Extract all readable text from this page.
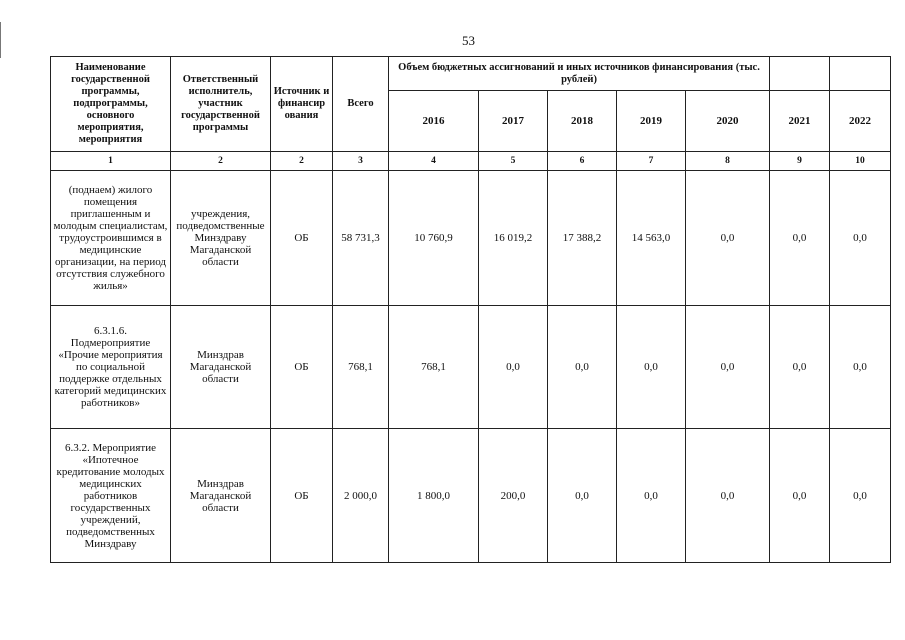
53
Наименование государственной программы, подпрограммы, основного мероприятия, мероприятия	Ответственный исполнитель, участник государственной программы	Источник и финансир ования	Всего	Объем бюджетных ассигнований и иных источников финансирования (тыс. рублей)						
				2016	2017	2018	2019	2020	2021	2022
1	2	2	3	4	5	6	7	8	9	10
(поднаем) жилого помещения приглашенным и молодым специалистам, трудоустроившимся в медицинские организации, на период отсутствия служебного жилья»	учреждения, подведомственные Минздраву Магаданской области	ОБ	58 731,3	10 760,9	16 019,2	17 388,2	14 563,0	0,0	0,0	0,0
6.3.1.6. Подмероприятие «Прочие мероприятия по социальной поддержке отдельных категорий медицинских работников»	Минздрав Магаданской области	ОБ	768,1	768,1	0,0	0,0	0,0	0,0	0,0	0,0
6.3.2. Мероприятие «Ипотечное кредитование молодых медицинских работников государственных учреждений, подведомственных Минздраву	Минздрав Магаданской области	ОБ	2 000,0	1 800,0	200,0	0,0	0,0	0,0	0,0	0,0
